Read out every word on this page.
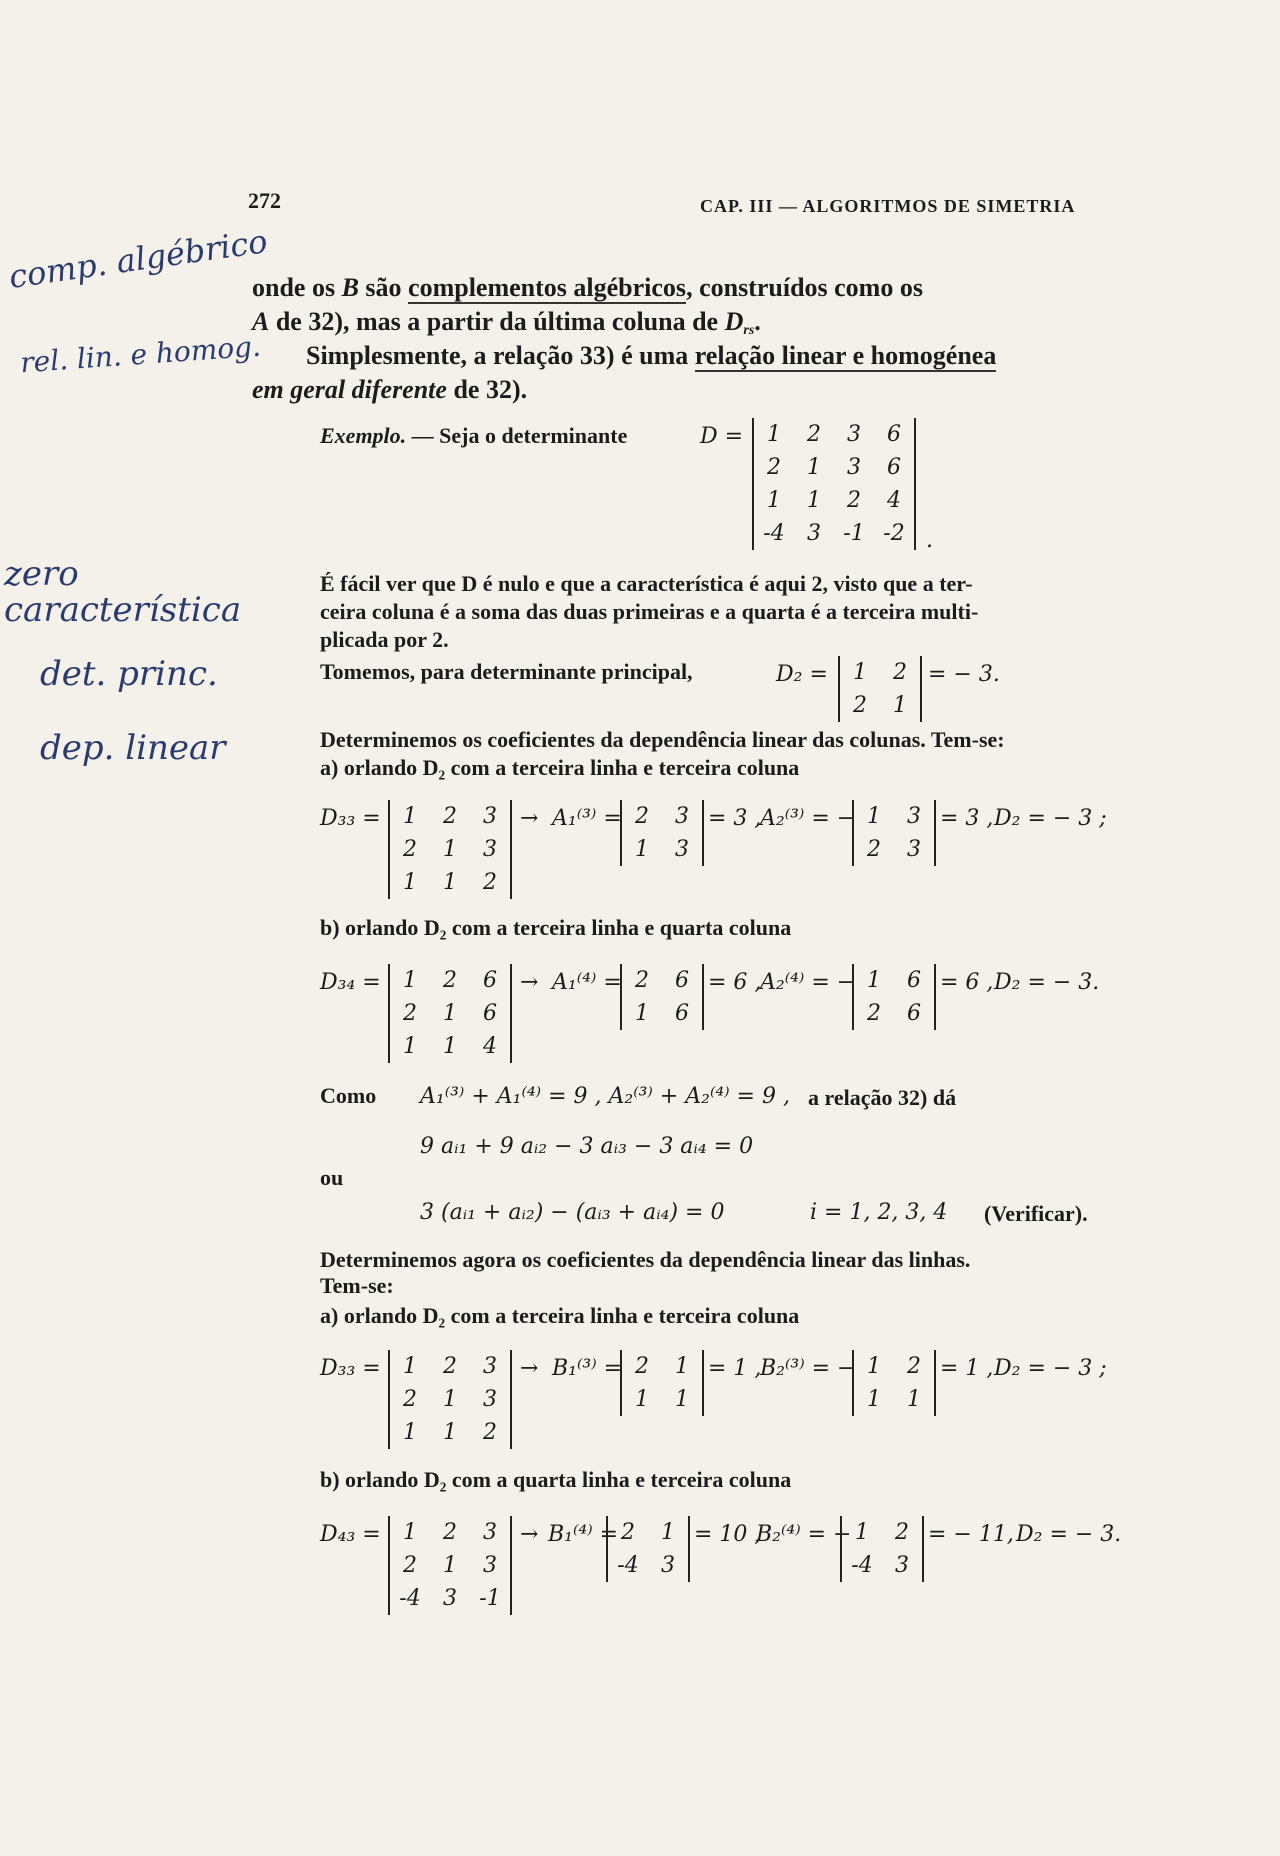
272	CAP. III — ALGORITMOS DE SIMETRIA
comp. algébrico
rel. lin. e homog.
zero característica
det. princ.
dep. linear
onde os B são complementos algébricos, construídos como os
A de 32), mas a partir da última coluna de $D_{rs}$.
Simplesmente, a relação 33) é uma relação linear e homogénea
em geral diferente de 32).
Exemplo. — Seja o determinante	D = 1	2	3	6
2	1	3	6
1	1	2	4
-4	3	-1	-2 .
É fácil ver que D é nulo e que a característica é aqui 2, visto que a ter-
ceira coluna é a soma das duas primeiras e a quarta é a terceira multi-
plicada por 2.
Tomemos, para determinante principal,	D₂ = 1	2
2	1
= − 3.
Determinemos os coeficientes da dependência linear das colunas. Tem-se:
a) orlando D₂ com a terceira linha e terceira coluna
D₃₃ = 1	2	3
2	1	3
1	1	2
→ A₁⁽³⁾ = 2	3
1	3
= 3 ,
A₂⁽³⁾ = − 1	3
2	3
= 3 , D₂ = − 3 ;
b) orlando D₂ com a terceira linha e quarta coluna
D₃₄ = 1	2	6
2	1	6
1	1	4
→ A₁⁽⁴⁾ = 2	6
1	6
= 6 ,
A₂⁽⁴⁾ = − 1	6
2	6
= 6 , D₂ = − 3.
Como A₁⁽³⁾ + A₁⁽⁴⁾ = 9 , A₂⁽³⁾ + A₂⁽⁴⁾ = 9 , a relação 32) dá
9 aᵢ₁ + 9 aᵢ₂ − 3 aᵢ₃ − 3 aᵢ₄ = 0
ou
3 (aᵢ₁ + aᵢ₂) − (aᵢ₃ + aᵢ₄) = 0	i = 1, 2, 3, 4 (Verificar).
Determinemos agora os coeficientes da dependência linear das linhas.
Tem-se:
a) orlando D₂ com a terceira linha e terceira coluna
D₃₃ = 1	2	3
2	1	3
1	1	2
→ B₁⁽³⁾ = 2	1
1	1
= 1 ,
B₂⁽³⁾ = − 1	2
1	1
= 1 , D₂ = − 3 ;
b) orlando D₂ com a quarta linha e terceira coluna
D₄₃ = 1	2	3
2	1	3
-4	3	-1
→ B₁⁽⁴⁾ = 2	1
-4	3
= 10 ,
B₂⁽⁴⁾ = − 1	2
-4	3
= − 11, D₂ = − 3.
